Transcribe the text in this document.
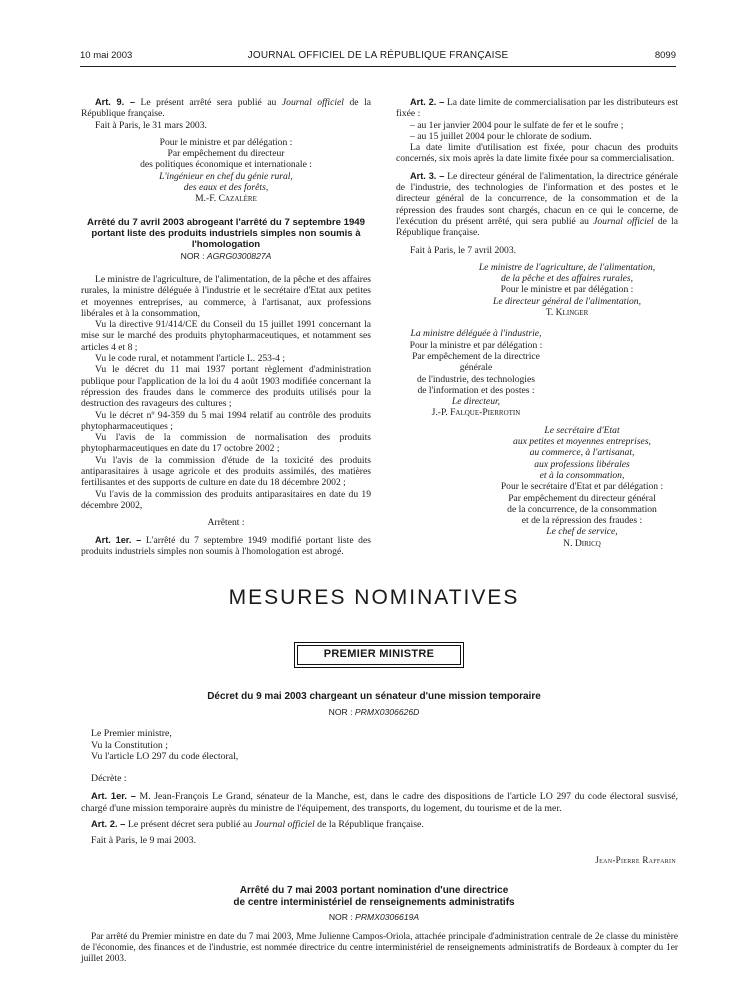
10 mai 2003	JOURNAL OFFICIEL DE LA RÉPUBLIQUE FRANÇAISE	8099

Art. 9. – Le présent arrêté sera publié au Journal officiel de la République française.

Fait à Paris, le 31 mars 2003.

Pour le ministre et par délégation :
Par empêchement du directeur
des politiques économique et internationale :
L'ingénieur en chef du génie rural,
des eaux et des forêts,
M.-F. Cazalère
Arrêté du 7 avril 2003 abrogeant l'arrêté du 7 septembre 1949 portant liste des produits industriels simples non soumis à l'homologation
NOR : AGRG0300827A

Le ministre de l'agriculture, de l'alimentation, de la pêche et des affaires rurales, la ministre déléguée à l'industrie et le secrétaire d'Etat aux petites et moyennes entreprises, au commerce, à l'artisanat, aux professions libérales et à la consommation,

Vu la directive 91/414/CE du Conseil du 15 juillet 1991 concernant la mise sur le marché des produits phytopharmaceutiques, et notamment ses articles 4 et 8 ;

Vu le code rural, et notamment l'article L. 253-4 ;

Vu le décret du 11 mai 1937 portant règlement d'administration publique pour l'application de la loi du 4 août 1903 modifiée concernant la répression des fraudes dans le commerce des produits utilisés pour la destruction des ravageurs des cultures ;

Vu le décret nº 94-359 du 5 mai 1994 relatif au contrôle des produits phytopharmaceutiques ;

Vu l'avis de la commission de normalisation des produits phytopharmaceutiques en date du 17 octobre 2002 ;

Vu l'avis de la commission d'étude de la toxicité des produits antiparasitaires à usage agricole et des produits assimilés, des matières fertilisantes et des supports de culture en date du 18 décembre 2002 ;

Vu l'avis de la commission des produits antiparasitaires en date du 19 décembre 2002,

Arrêtent :

Art. 1er. – L'arrêté du 7 septembre 1949 modifié portant liste des produits industriels simples non soumis à l'homologation est abrogé.

Art. 2. – La date limite de commercialisation par les distributeurs est fixée :

– au 1er janvier 2004 pour le sulfate de fer et le soufre ;

– au 15 juillet 2004 pour le chlorate de sodium.

La date limite d'utilisation est fixée, pour chacun des produits concernés, six mois après la date limite fixée pour sa commercialisation.

Art. 3. – Le directeur général de l'alimentation, la directrice générale de l'industrie, des technologies de l'information et des postes et le directeur général de la concurrence, de la consommation et de la répression des fraudes sont chargés, chacun en ce qui le concerne, de l'exécution du présent arrêté, qui sera publié au Journal officiel de la République française.

Fait à Paris, le 7 avril 2003.

Le ministre de l'agriculture, de l'alimentation,
de la pêche et des affaires rurales,
Pour le ministre et par délégation :
Le directeur général de l'alimentation,
T. Klinger
La ministre déléguée à l'industrie,
Pour la ministre et par délégation :
Par empêchement de la directrice générale
de l'industrie, des technologies
de l'information et des postes :
Le directeur,
J.-P. Falque-Pierrotin
Le secrétaire d'Etat
aux petites et moyennes entreprises,
au commerce, à l'artisanat,
aux professions libérales
et à la consommation,
Pour le secrétaire d'Etat et par délégation :
Par empêchement du directeur général
de la concurrence, de la consommation
et de la répression des fraudes :
Le chef de service,
N. Diricq
MESURES NOMINATIVES
PREMIER MINISTRE
Décret du 9 mai 2003 chargeant un sénateur d'une mission temporaire
NOR : PRMX0306626D

Le Premier ministre,

Vu la Constitution ;

Vu l'article LO 297 du code électoral,

Décrète :

Art. 1er. – M. Jean-François Le Grand, sénateur de la Manche, est, dans le cadre des dispositions de l'article LO 297 du code électoral susvisé, chargé d'une mission temporaire auprès du ministre de l'équipement, des transports, du logement, du tourisme et de la mer.

Art. 2. – Le présent décret sera publié au Journal officiel de la République française.

Fait à Paris, le 9 mai 2003.

Jean-Pierre Raffarin
Arrêté du 7 mai 2003 portant nomination d'une directrice
de centre interministériel de renseignements administratifs
NOR : PRMX0306619A

Par arrêté du Premier ministre en date du 7 mai 2003, Mme Julienne Campos-Oriola, attachée principale d'administration centrale de 2e classe du ministère de l'économie, des finances et de l'industrie, est nommée directrice du centre interministériel de renseignements administratifs de Bordeaux à compter du 1er juillet 2003.
